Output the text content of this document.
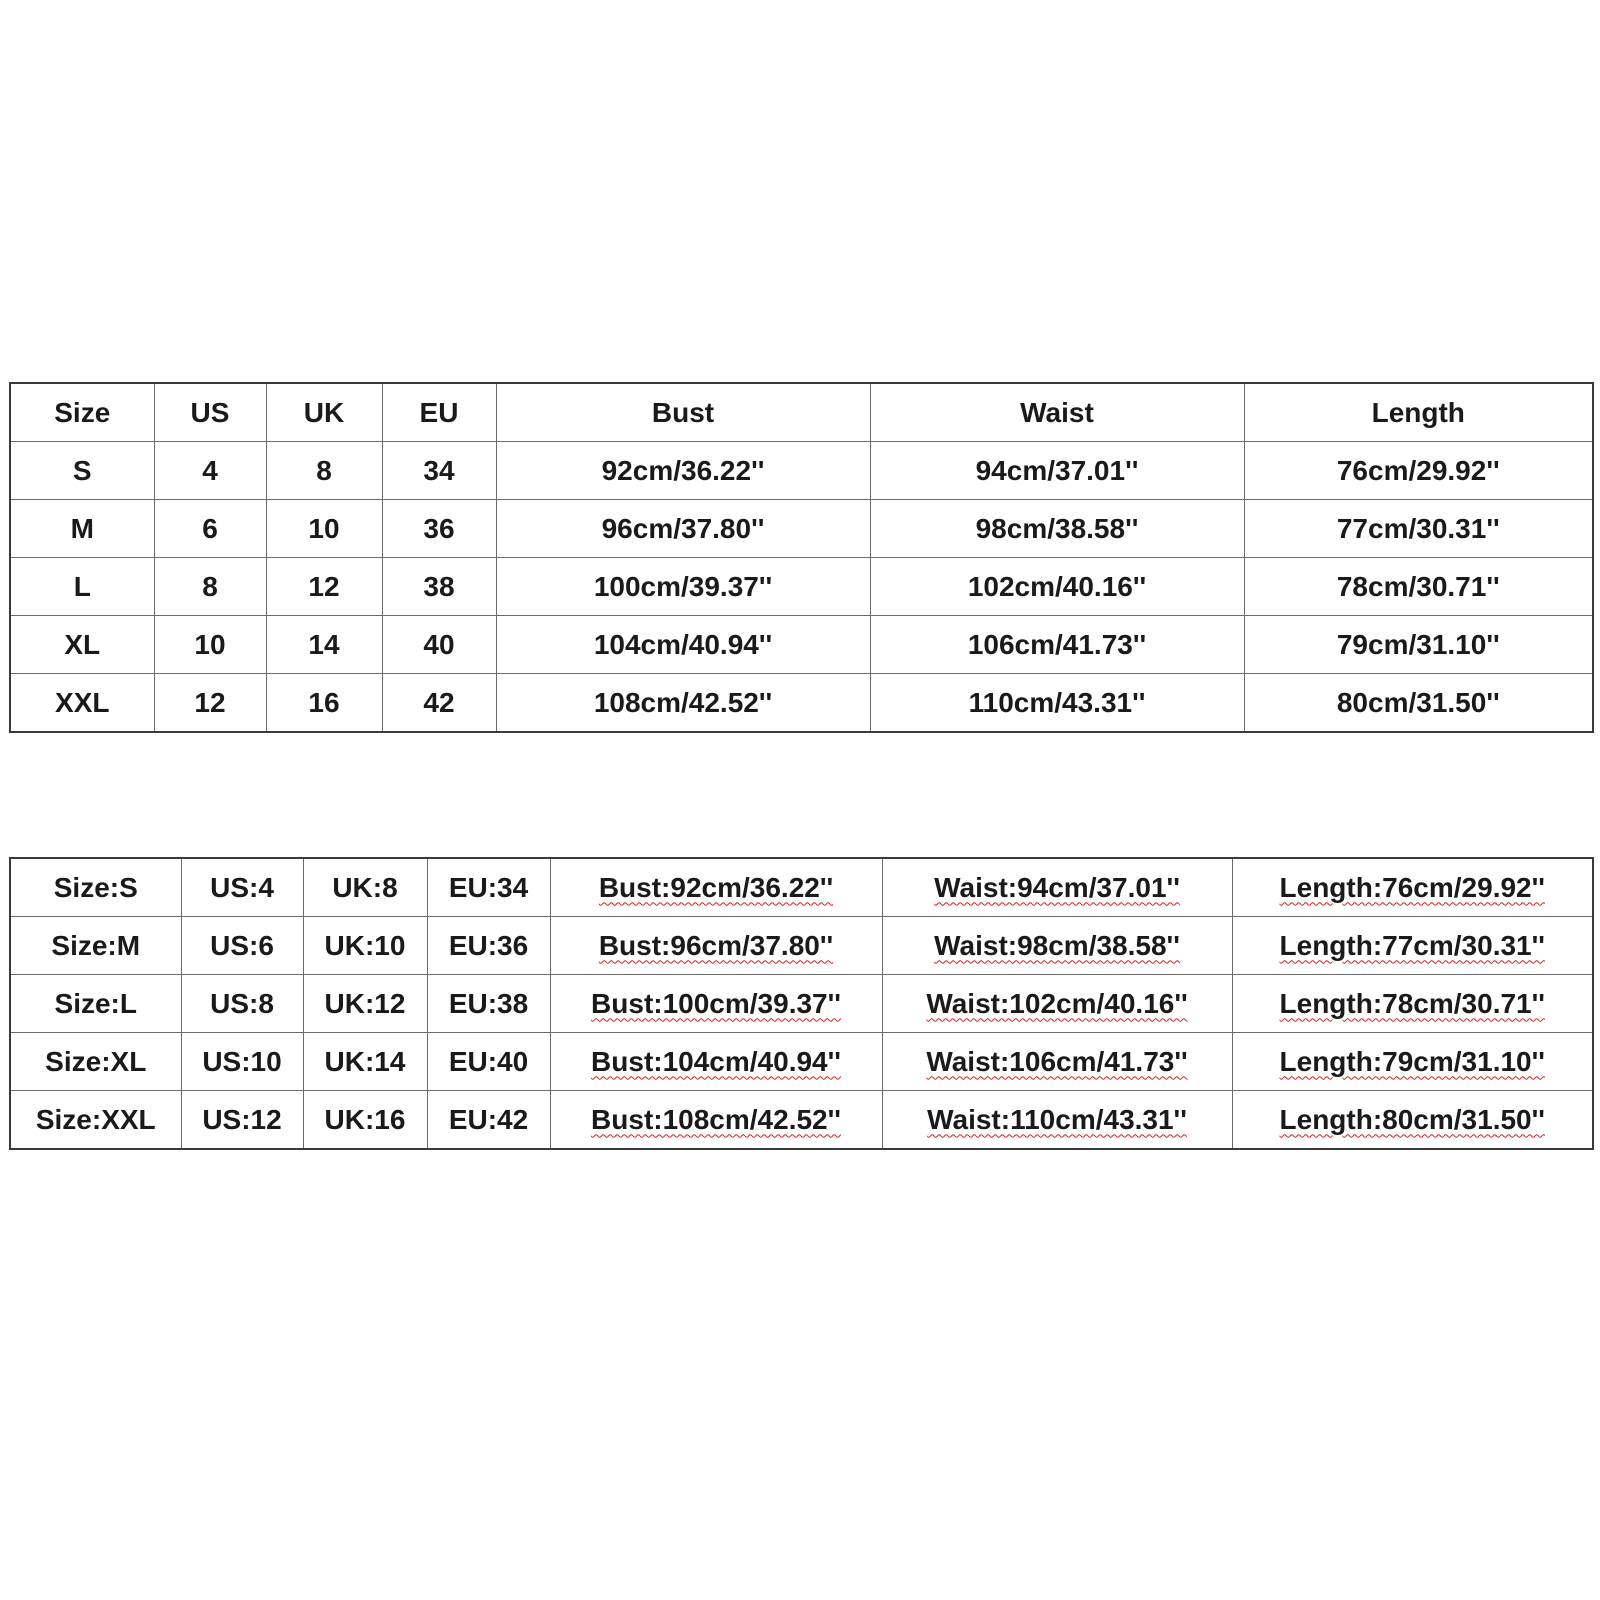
Size	US	UK	EU	Bust	Waist	Length
S	4	8	34	92cm/36.22''	94cm/37.01''	76cm/29.92''
M	6	10	36	96cm/37.80''	98cm/38.58''	77cm/30.31''
L	8	12	38	100cm/39.37''	102cm/40.16''	78cm/30.71''
XL	10	14	40	104cm/40.94''	106cm/41.73''	79cm/31.10''
XXL	12	16	42	108cm/42.52''	110cm/43.31''	80cm/31.50''
Size:S	US:4	UK:8	EU:34	Bust:92cm/36.22''	Waist:94cm/37.01''	Length:76cm/29.92''
Size:M	US:6	UK:10	EU:36	Bust:96cm/37.80''	Waist:98cm/38.58''	Length:77cm/30.31''
Size:L	US:8	UK:12	EU:38	Bust:100cm/39.37''	Waist:102cm/40.16''	Length:78cm/30.71''
Size:XL	US:10	UK:14	EU:40	Bust:104cm/40.94''	Waist:106cm/41.73''	Length:79cm/31.10''
Size:XXL	US:12	UK:16	EU:42	Bust:108cm/42.52''	Waist:110cm/43.31''	Length:80cm/31.50''
